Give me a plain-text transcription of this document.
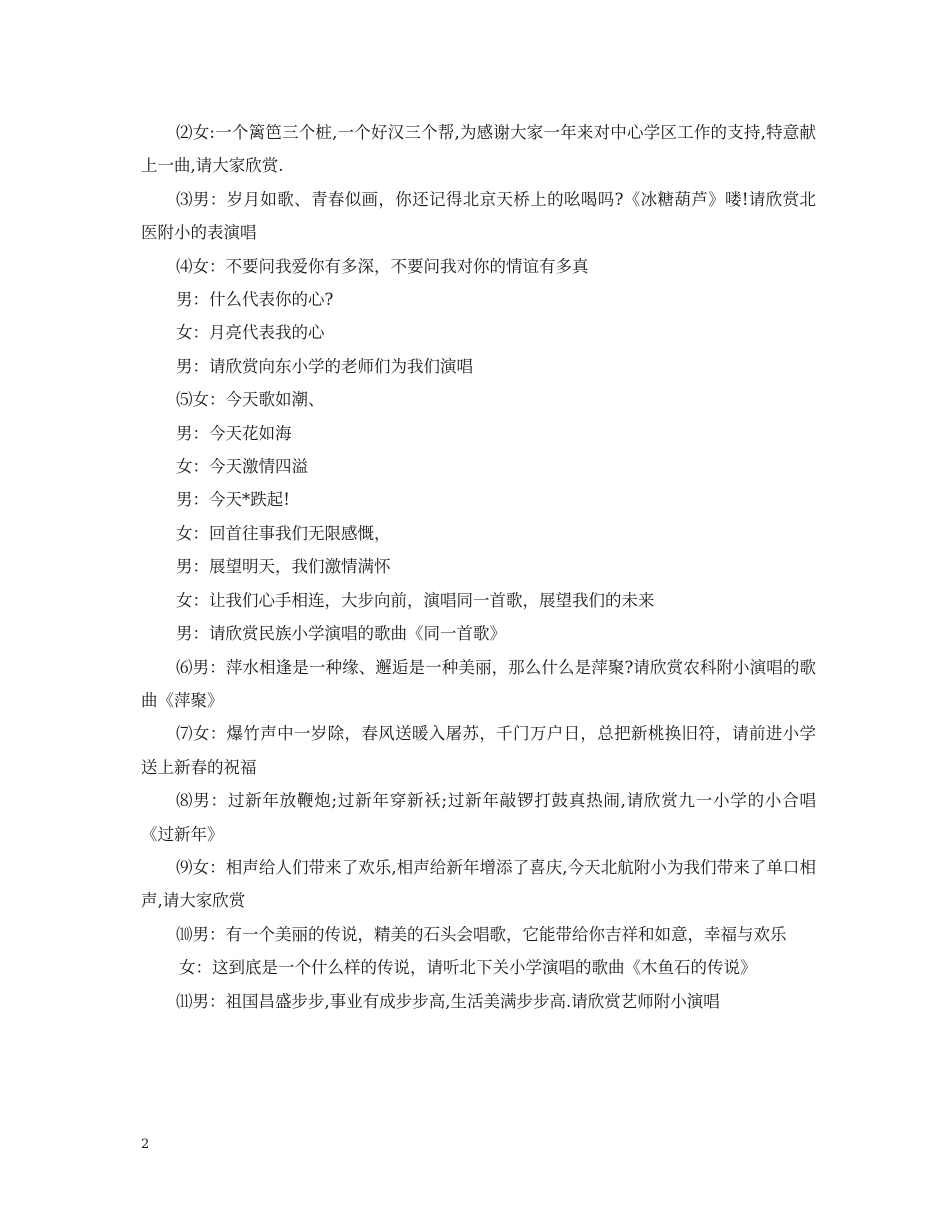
⑵女:一个篱笆三个桩,一个好汉三个帮,为感谢大家一年来对中心学区工作的支持,特意献上一曲,请大家欣赏.

⑶男：岁月如歌、青春似画，你还记得北京天桥上的吆喝吗?《冰糖葫芦》喽!请欣赏北医附小的表演唱

⑷女：不要问我爱你有多深，不要问我对你的情谊有多真

男：什么代表你的心?

女：月亮代表我的心

男：请欣赏向东小学的老师们为我们演唱

⑸女：今天歌如潮、

男：今天花如海

女：今天激情四溢

男：今天*跌起!

女：回首往事我们无限感慨，

男：展望明天，我们激情满怀

女：让我们心手相连，大步向前，演唱同一首歌，展望我们的未来

男：请欣赏民族小学演唱的歌曲《同一首歌》

⑹男：萍水相逢是一种缘、邂逅是一种美丽，那么什么是萍聚?请欣赏农科附小演唱的歌曲《萍聚》

⑺女：爆竹声中一岁除，春风送暖入屠苏，千门万户日，总把新桃换旧符，请前进小学送上新春的祝福

⑻男：过新年放鞭炮;过新年穿新袄;过新年敲锣打鼓真热闹,请欣赏九一小学的小合唱《过新年》

⑼女：相声给人们带来了欢乐,相声给新年增添了喜庆,今天北航附小为我们带来了单口相声,请大家欣赏

⑽男：有一个美丽的传说，精美的石头会唱歌，它能带给你吉祥和如意，幸福与欢乐

女：这到底是一个什么样的传说，请听北下关小学演唱的歌曲《木鱼石的传说》

⑾男：祖国昌盛步步,事业有成步步高,生活美满步步高.请欣赏艺师附小演唱

2
